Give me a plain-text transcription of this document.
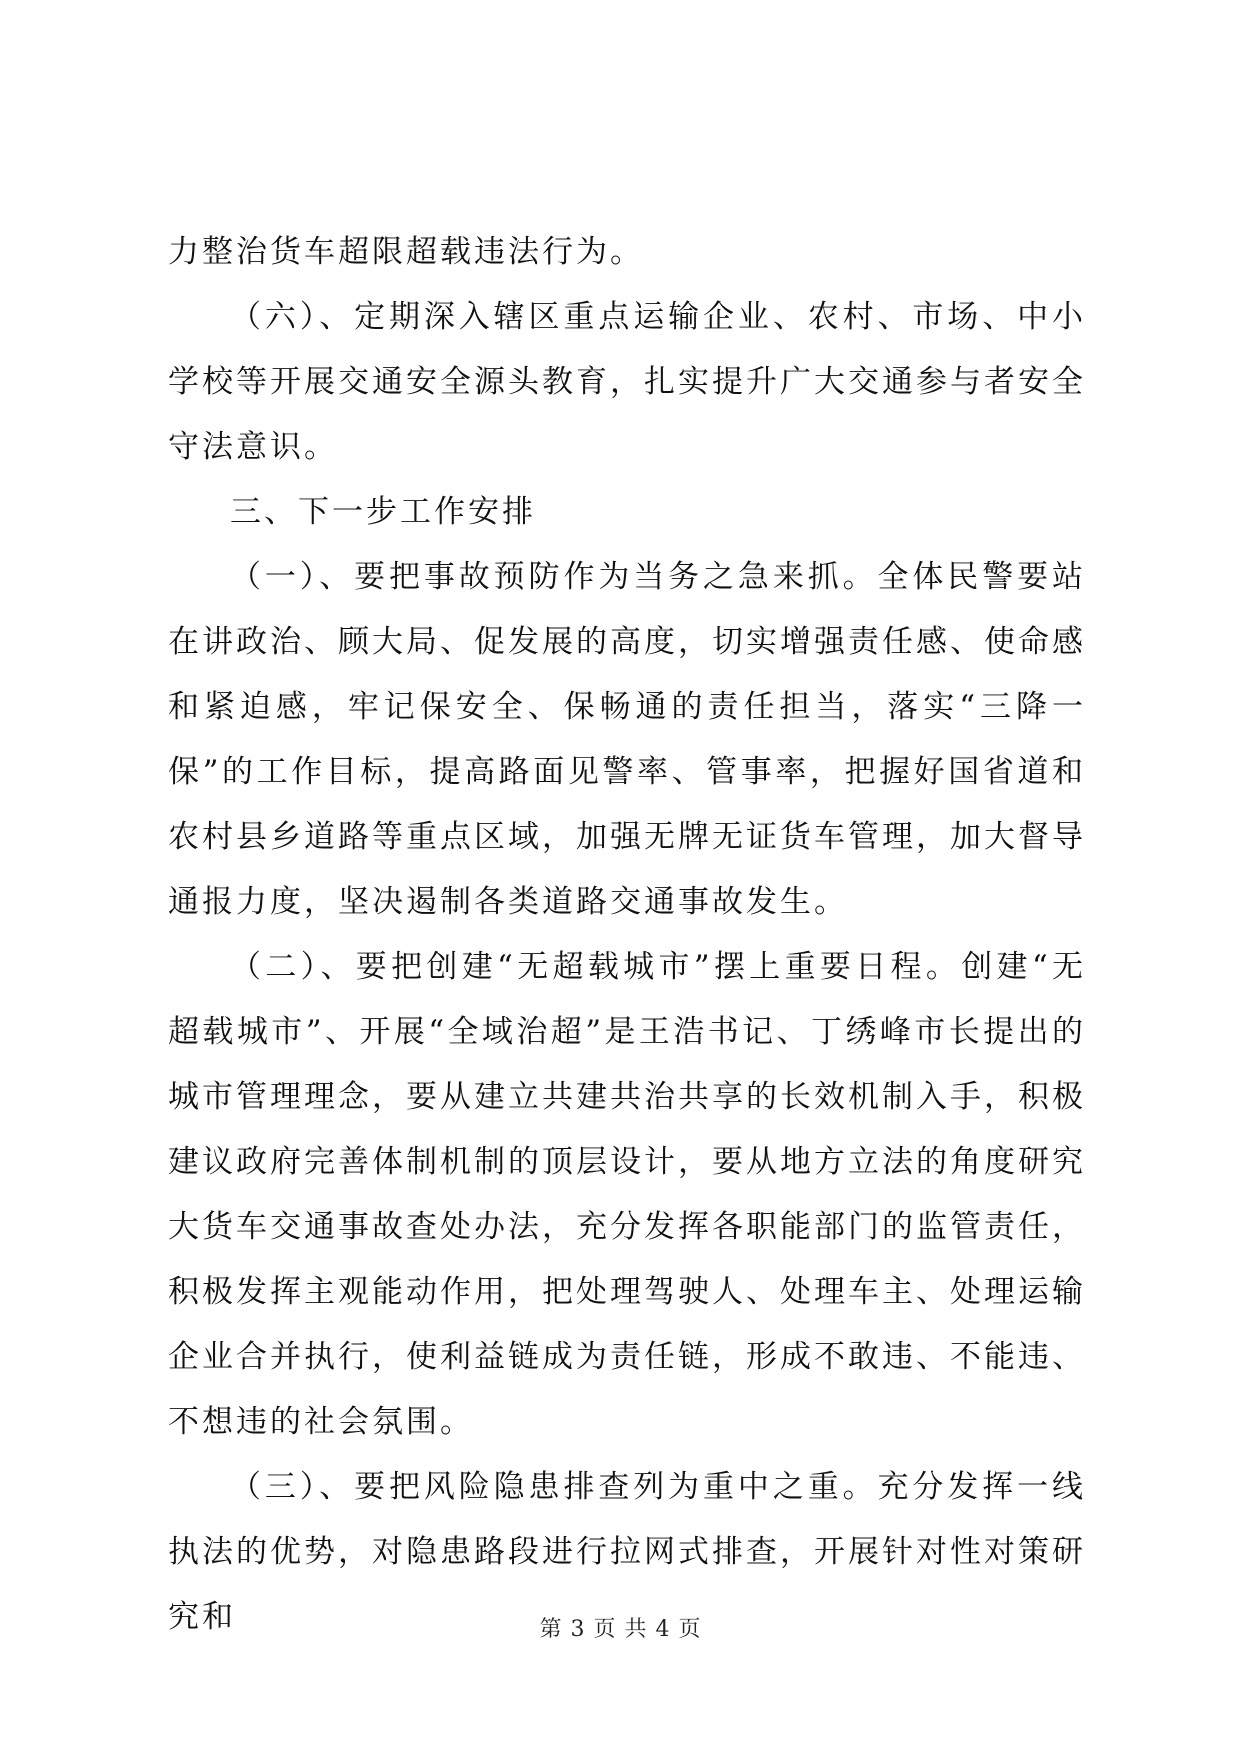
力整治货车超限超载违法行为。

（六）、定期深入辖区重点运输企业、农村、市场、中小学校等开展交通安全源头教育，扎实提升广大交通参与者安全守法意识。

三、下一步工作安排

（一）、要把事故预防作为当务之急来抓。全体民警要站在讲政治、顾大局、促发展的高度，切实增强责任感、使命感和紧迫感，牢记保安全、保畅通的责任担当，落实“三降一保”的工作目标，提高路面见警率、管事率，把握好国省道和农村县乡道路等重点区域，加强无牌无证货车管理，加大督导通报力度，坚决遏制各类道路交通事故发生。

（二）、要把创建“无超载城市”摆上重要日程。创建“无超载城市”、开展“全域治超”是王浩书记、丁绣峰市长提出的城市管理理念，要从建立共建共治共享的长效机制入手，积极建议政府完善体制机制的顶层设计，要从地方立法的角度研究大货车交通事故查处办法，充分发挥各职能部门的监管责任，积极发挥主观能动作用，把处理驾驶人、处理车主、处理运输企业合并执行，使利益链成为责任链，形成不敢违、不能违、不想违的社会氛围。

（三）、要把风险隐患排查列为重中之重。充分发挥一线执法的优势，对隐患路段进行拉网式排查，开展针对性对策研究和	第 3 页 共 4 页
